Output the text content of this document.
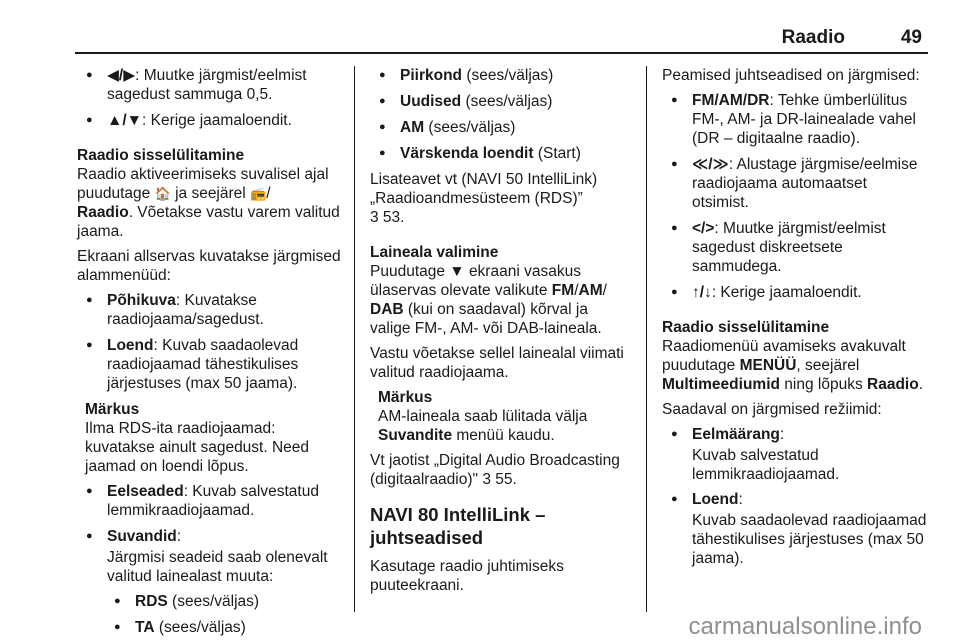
Raadio	49
● ◀/▶: Muutke järgmist/eelmist sagedust sammuga 0,5.
● ▲/▼: Kerige jaamaloendit.

Raadio sisselülitamine

Raadio aktiveerimiseks suvalisel ajal puudutage 🏠 ja seejärel 📻/
Raadio. Võetakse vastu varem valitud jaama.

Ekraani allservas kuvatakse järgmised alammenüüd:

● Põhikuva: Kuvatakse raadiojaama/sagedust.
● Loend: Kuvab saadaolevad raadiojaamad tähestikulises järjestuses (max 50 jaama).

Märkus

Ilma RDS-ita raadiojaamad: kuvatakse ainult sagedust. Need jaamad on loendi lõpus.

● Eelseaded: Kuvab salvestatud lemmikraadiojaamad.
● Suvandid:

Järgmisi seadeid saab olenevalt valitud lainealast muuta:

● RDS (sees/väljas)
● TA (sees/väljas)
● Piirkond (sees/väljas)
● Uudised (sees/väljas)
● AM (sees/väljas)
● Värskenda loendit (Start)

Lisateavet vt (NAVI 50 IntelliLink) „Raadioandmesüsteem (RDS)”
3 53.

Laineala valimine

Puudutage ▼ ekraani vasakus ülaservas olevate valikute FM/AM/
DAB (kui on saadaval) kõrval ja valige FM-, AM- või DAB-laineala.

Vastu võetakse sellel lainealal viimati valitud raadiojaama.

Märkus

AM-laineala saab lülitada välja
Suvandite menüü kaudu.

Vt jaotist „Digital Audio Broadcasting (digitaalraadio)" 3 55.

NAVI 80 IntelliLink – juhtseadised

Kasutage raadio juhtimiseks puuteekraani.

Peamised juhtseadised on järgmised:

● FM/AM/DR: Tehke ümberlülitus FM-, AM- ja DR-lainealade vahel (DR – digitaalne raadio).
● ≪/≫: Alustage järgmise/eelmise raadiojaama automaatset otsimist.
● </>: Muutke järgmist/eelmist sagedust diskreetsete sammudega.
● ↑/↓: Kerige jaamaloendit.

Raadio sisselülitamine

Raadiomenüü avamiseks avakuvalt puudutage MENÜÜ, seejärel
Multimeediumid ning lõpuks Raadio.

Saadaval on järgmised režiimid:

● Eelmäärang:

Kuvab salvestatud lemmikraadiojaamad.

● Loend:

Kuvab saadaolevad raadiojaamad tähestikulises järjestuses (max 50 jaama).

carmanualsonline.info
